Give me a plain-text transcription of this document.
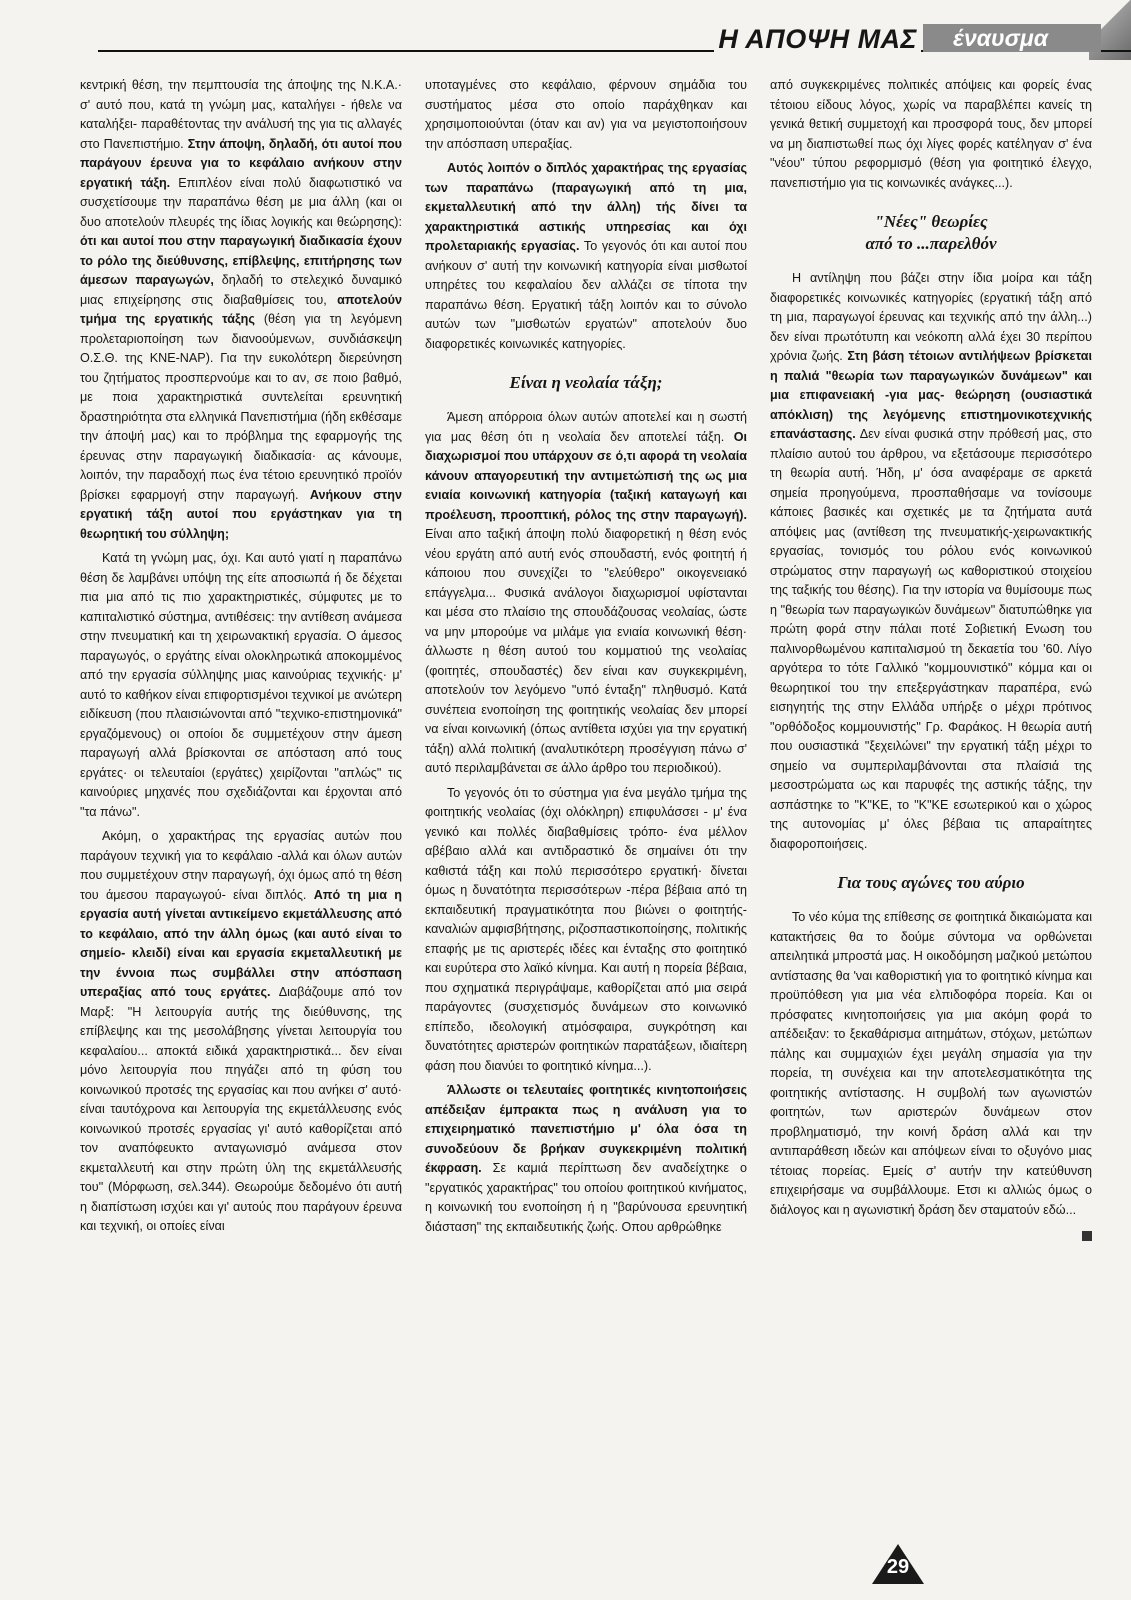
Η ΑΠΟΨΗ ΜΑΣ	έναυσμα

κεντρική θέση, την πεμπτουσία της άποψης της Ν.Κ.Α.· σ' αυτό που, κατά τη γνώμη μας, καταλήγει - ήθελε να καταλήξει- παραθέτοντας την ανάλυσή της για τις αλλαγές στο Πανεπιστήμιο. Στην άποψη, δηλαδή, ότι αυτοί που παράγουν έρευνα για το κεφάλαιο ανήκουν στην εργατική τάξη. Επιπλέον είναι πολύ διαφωτιστικό να συσχετίσουμε την παραπάνω θέση με μια άλλη (και οι δυο αποτελούν πλευρές της ίδιας λογικής και θεώρησης): ότι και αυτοί που στην παραγωγική διαδικασία έχουν το ρόλο της διεύθυνσης, επίβλεψης, επιτήρησης των άμεσων παραγωγών, δηλαδή το στελεχικό δυναμικό μιας επιχείρησης στις διαβαθμίσεις του, αποτελούν τμήμα της εργατικής τάξης (θέση για τη λεγόμενη προλεταριοποίηση των διανοούμενων, συνδιάσκεψη Ο.Σ.Θ. της ΚΝΕ-ΝΑΡ). Για την ευκολότερη διερεύνηση του ζητήματος προσπερνούμε και το αν, σε ποιο βαθμό, με ποια χαρακτηριστικά συντελείται ερευνητική δραστηριότητα στα ελληνικά Πανεπιστήμια (ήδη εκθέσαμε την άποψή μας) και το πρόβλημα της εφαρμογής της έρευνας στην παραγωγική διαδικασία· ας κάνουμε, λοιπόν, την παραδοχή πως ένα τέτοιο ερευνητικό προϊόν βρίσκει εφαρμογή στην παραγωγή. Ανήκουν στην εργατική τάξη αυτοί που εργάστηκαν για τη θεωρητική του σύλληψη;

Κατά τη γνώμη μας, όχι. Και αυτό γιατί η παραπάνω θέση δε λαμβάνει υπόψη της είτε αποσιωπά ή δε δέχεται πια μια από τις πιο χαρακτηριστικές, σύμφυτες με το καπιταλιστικό σύστημα, αντιθέσεις: την αντίθεση ανάμεσα στην πνευματική και τη χειρωνακτική εργασία. Ο άμεσος παραγωγός, ο εργάτης είναι ολοκληρωτικά αποκομμένος από την εργασία σύλληψης μιας καινούριας τεχνικής· μ' αυτό το καθήκον είναι επιφορτισμένοι τεχνικοί με ανώτερη ειδίκευση (που πλαισιώνονται από "τεχνικο-επιστημονικά" εργαζόμενους) οι οποίοι δε συμμετέχουν στην άμεση παραγωγή αλλά βρίσκονται σε απόσταση από τους εργάτες· οι τελευταίοι (εργάτες) χειρίζονται "απλώς" τις καινούριες μηχανές που σχεδιάζονται και έρχονται από "τα πάνω".

Ακόμη, ο χαρακτήρας της εργασίας αυτών που παράγουν τεχνική για το κεφάλαιο -αλλά και όλων αυτών που συμμετέχουν στην παραγωγή, όχι όμως από τη θέση του άμεσου παραγωγού- είναι διπλός. Από τη μια η εργασία αυτή γίνεται αντικείμενο εκμετάλλευσης από το κεφάλαιο, από την άλλη όμως (και αυτό είναι το σημείο- κλειδί) είναι και εργασία εκμεταλλευτική με την έννοια πως συμβάλλει στην απόσπαση υπεραξίας από τους εργάτες. Διαβάζουμε από τον Μαρξ: "Η λειτουργία αυτής της διεύθυνσης, της επίβλεψης και της μεσολάβησης γίνεται λειτουργία του κεφαλαίου... αποκτά ειδικά χαρακτηριστικά... δεν είναι μόνο λειτουργία που πηγάζει από τη φύση του κοινωνικού προτσές της εργασίας και που ανήκει σ' αυτό· είναι ταυτόχρονα και λειτουργία της εκμετάλλευσης ενός κοινωνικού προτσές εργασίας γι' αυτό καθορίζεται από τον αναπόφευκτο ανταγωνισμό ανάμεσα στον εκμεταλλευτή και στην πρώτη ύλη της εκμετάλλευσής του" (Μόρφωση, σελ.344). Θεωρούμε δεδομένο ότι αυτή η διαπίστωση ισχύει και γι' αυτούς που παράγουν έρευνα και τεχνική, οι οποίες είναι

υποταγμένες στο κεφάλαιο, φέρνουν σημάδια του συστήματος μέσα στο οποίο παράχθηκαν και χρησιμοποιούνται (όταν και αν) για να μεγιστοποιήσουν την απόσπαση υπεραξίας.

Αυτός λοιπόν ο διπλός χαρακτήρας της εργασίας των παραπάνω (παραγωγική από τη μια, εκμεταλλευτική από την άλλη) τής δίνει τα χαρακτηριστικά αστικής υπηρεσίας και όχι προλεταριακής εργασίας. Το γεγονός ότι και αυτοί που ανήκουν σ' αυτή την κοινωνική κατηγορία είναι μισθωτοί υπηρέτες του κεφαλαίου δεν αλλάζει σε τίποτα την παραπάνω θέση. Εργατική τάξη λοιπόν και το σύνολο αυτών των "μισθωτών εργατών" αποτελούν δυο διαφορετικές κοινωνικές κατηγορίες.

Είναι η νεολαία τάξη;

Άμεση απόρροια όλων αυτών αποτελεί και η σωστή για μας θέση ότι η νεολαία δεν αποτελεί τάξη. Οι διαχωρισμοί που υπάρχουν σε ό,τι αφορά τη νεολαία κάνουν απαγορευτική την αντιμετώπισή της ως μια ενιαία κοινωνική κατηγορία (ταξική καταγωγή και προέλευση, προοπτική, ρόλος της στην παραγωγή). Είναι απο ταξική άποψη πολύ διαφορετική η θέση ενός νέου εργάτη από αυτή ενός σπουδαστή, ενός φοιτητή ή κάποιου που συνεχίζει το "ελεύθερο" οικογενειακό επάγγελμα... Φυσικά ανάλογοι διαχωρισμοί υφίστανται και μέσα στο πλαίσιο της σπουδάζουσας νεολαίας, ώστε να μην μπορούμε να μιλάμε για ενιαία κοινωνική θέση· άλλωστε η θέση αυτού του κομματιού της νεολαίας (φοιτητές, σπουδαστές) δεν είναι καν συγκεκριμένη, αποτελούν τον λεγόμενο "υπό ένταξη" πληθυσμό. Κατά συνέπεια ενοποίηση της φοιτητικής νεολαίας δεν μπορεί να είναι κοινωνική (όπως αντίθετα ισχύει για την εργατική τάξη) αλλά πολιτική (αναλυτικότερη προσέγγιση πάνω σ' αυτό περιλαμβάνεται σε άλλο άρθρο του περιοδικού).

Το γεγονός ότι το σύστημα για ένα μεγάλο τμήμα της φοιτητικής νεολαίας (όχι ολόκληρη) επιφυλάσσει - μ' ένα γενικό και πολλές διαβαθμίσεις τρόπο- ένα μέλλον αβέβαιο αλλά και αντιδραστικό δε σημαίνει ότι την καθιστά τάξη και πολύ περισσότερο εργατική· δίνεται όμως η δυνατότητα περισσότερων -πέρα βέβαια από τη εκπαιδευτική πραγματικότητα που βιώνει ο φοιτητής- καναλιών αμφισβήτησης, ριζοσπαστικοποίησης, πολιτικής επαφής με τις αριστερές ιδέες και ένταξης στο φοιτητικό και ευρύτερα στο λαϊκό κίνημα. Και αυτή η πορεία βέβαια, που σχηματικά περιγράψαμε, καθορίζεται από μια σειρά παράγοντες (συσχετισμός δυνάμεων στο κοινωνικό επίπεδο, ιδεολογική ατμόσφαιρα, συγκρότηση και δυνατότητες αριστερών φοιτητικών παρατάξεων, ιδιαίτερη φάση που διανύει το φοιτητικό κίνημα...).

Άλλωστε οι τελευταίες φοιτητικές κινητοποιήσεις απέδειξαν έμπρακτα πως η ανάλυση για το επιχειρηματικό πανεπιστήμιο μ' όλα όσα τη συνοδεύουν δε βρήκαν συγκεκριμένη πολιτική έκφραση. Σε καμιά περίπτωση δεν αναδείχτηκε ο "εργατικός χαρακτήρας" του οποίου φοιτητικού κινήματος, η κοινωνική του ενοποίηση ή η "βαρύνουσα ερευνητική διάσταση" της εκπαιδευτικής ζωής. Οπου αρθρώθηκε

από συγκεκριμένες πολιτικές απόψεις και φορείς ένας τέτοιου είδους λόγος, χωρίς να παραβλέπει κανείς τη γενικά θετική συμμετοχή και προσφορά τους, δεν μπορεί να μη διαπιστωθεί πως όχι λίγες φορές κατέληγαν σ' ένα "νέου" τύπου ρεφορμισμό (θέση για φοιτητικό έλεγχο, πανεπιστήμιο για τις κοινωνικές ανάγκες...).

"Νέες" θεωρίες
από το ...παρελθόν

Η αντίληψη που βάζει στην ίδια μοίρα και τάξη διαφορετικές κοινωνικές κατηγορίες (εργατική τάξη από τη μια, παραγωγοί έρευνας και τεχνικής από την άλλη...) δεν είναι πρωτότυπη και νεόκοπη αλλά έχει 30 περίπου χρόνια ζωής. Στη βάση τέτοιων αντιλήψεων βρίσκεται η παλιά "θεωρία των παραγωγικών δυνάμεων" και μια επιφανειακή -για μας- θεώρηση (ουσιαστικά απόκλιση) της λεγόμενης επιστημονικοτεχνικής επανάστασης. Δεν είναι φυσικά στην πρόθεσή μας, στο πλαίσιο αυτού του άρθρου, να εξετάσουμε περισσότερο τη θεωρία αυτή. Ήδη, μ' όσα αναφέραμε σε αρκετά σημεία προηγούμενα, προσπαθήσαμε να τονίσουμε κάποιες βασικές και σχετικές με τα ζητήματα αυτά απόψεις μας (αντίθεση της πνευματικής-χειρωνακτικής εργασίας, τονισμός του ρόλου ενός κοινωνικού στρώματος στην παραγωγή ως καθοριστικού στοιχείου της ταξικής του θέσης). Για την ιστορία να θυμίσουμε πως η "θεωρία των παραγωγικών δυνάμεων" διατυπώθηκε για πρώτη φορά στην πάλαι ποτέ Σοβιετική Ενωση του παλινορθωμένου καπιταλισμού τη δεκαετία του '60. Λίγο αργότερα το τότε Γαλλικό "κομμουνιστικό" κόμμα και οι θεωρητικοί του την επεξεργάστηκαν παραπέρα, ενώ εισηγητής της στην Ελλάδα υπήρξε ο μέχρι πρότινος "ορθόδοξος κομμουνιστής" Γρ. Φαράκος. Η θεωρία αυτή που ουσιαστικά "ξεχειλώνει" την εργατική τάξη μέχρι το σημείο να συμπεριλαμβάνονται στα πλαίσιά της μεσοστρώματα ως και παρυφές της αστικής τάξης, την ασπάστηκε το "Κ"ΚΕ, το "Κ"ΚΕ εσωτερικού και ο χώρος της αυτονομίας μ' όλες βέβαια τις απαραίτητες διαφοροποιήσεις.

Για τους αγώνες του αύριο

Το νέο κύμα της επίθεσης σε φοιτητικά δικαιώματα και κατακτήσεις θα το δούμε σύντομα να ορθώνεται απειλητικά μπροστά μας. Η οικοδόμηση μαζικού μετώπου αντίστασης θα 'ναι καθοριστική για το φοιτητικό κίνημα και προϋπόθεση για μια νέα ελπιδοφόρα πορεία. Και οι πρόσφατες κινητοποιήσεις για μια ακόμη φορά το απέδειξαν: το ξεκαθάρισμα αιτημάτων, στόχων, μετώπων πάλης και συμμαχιών έχει μεγάλη σημασία για την πορεία, τη συνέχεια και την αποτελεσματικότητα της φοιτητικής αντίστασης. Η συμβολή των αγωνιστών φοιτητών, των αριστερών δυνάμεων στον προβληματισμό, την κοινή δράση αλλά και την αντιπαράθεση ιδεών και απόψεων είναι το οξυγόνο μιας τέτοιας πορείας. Εμείς σ' αυτήν την κατεύθυνση επιχειρήσαμε να συμβάλλουμε. Ετσι κι αλλιώς όμως ο διάλογος και η αγωνιστική δράση δεν σταματούν εδώ...

29
